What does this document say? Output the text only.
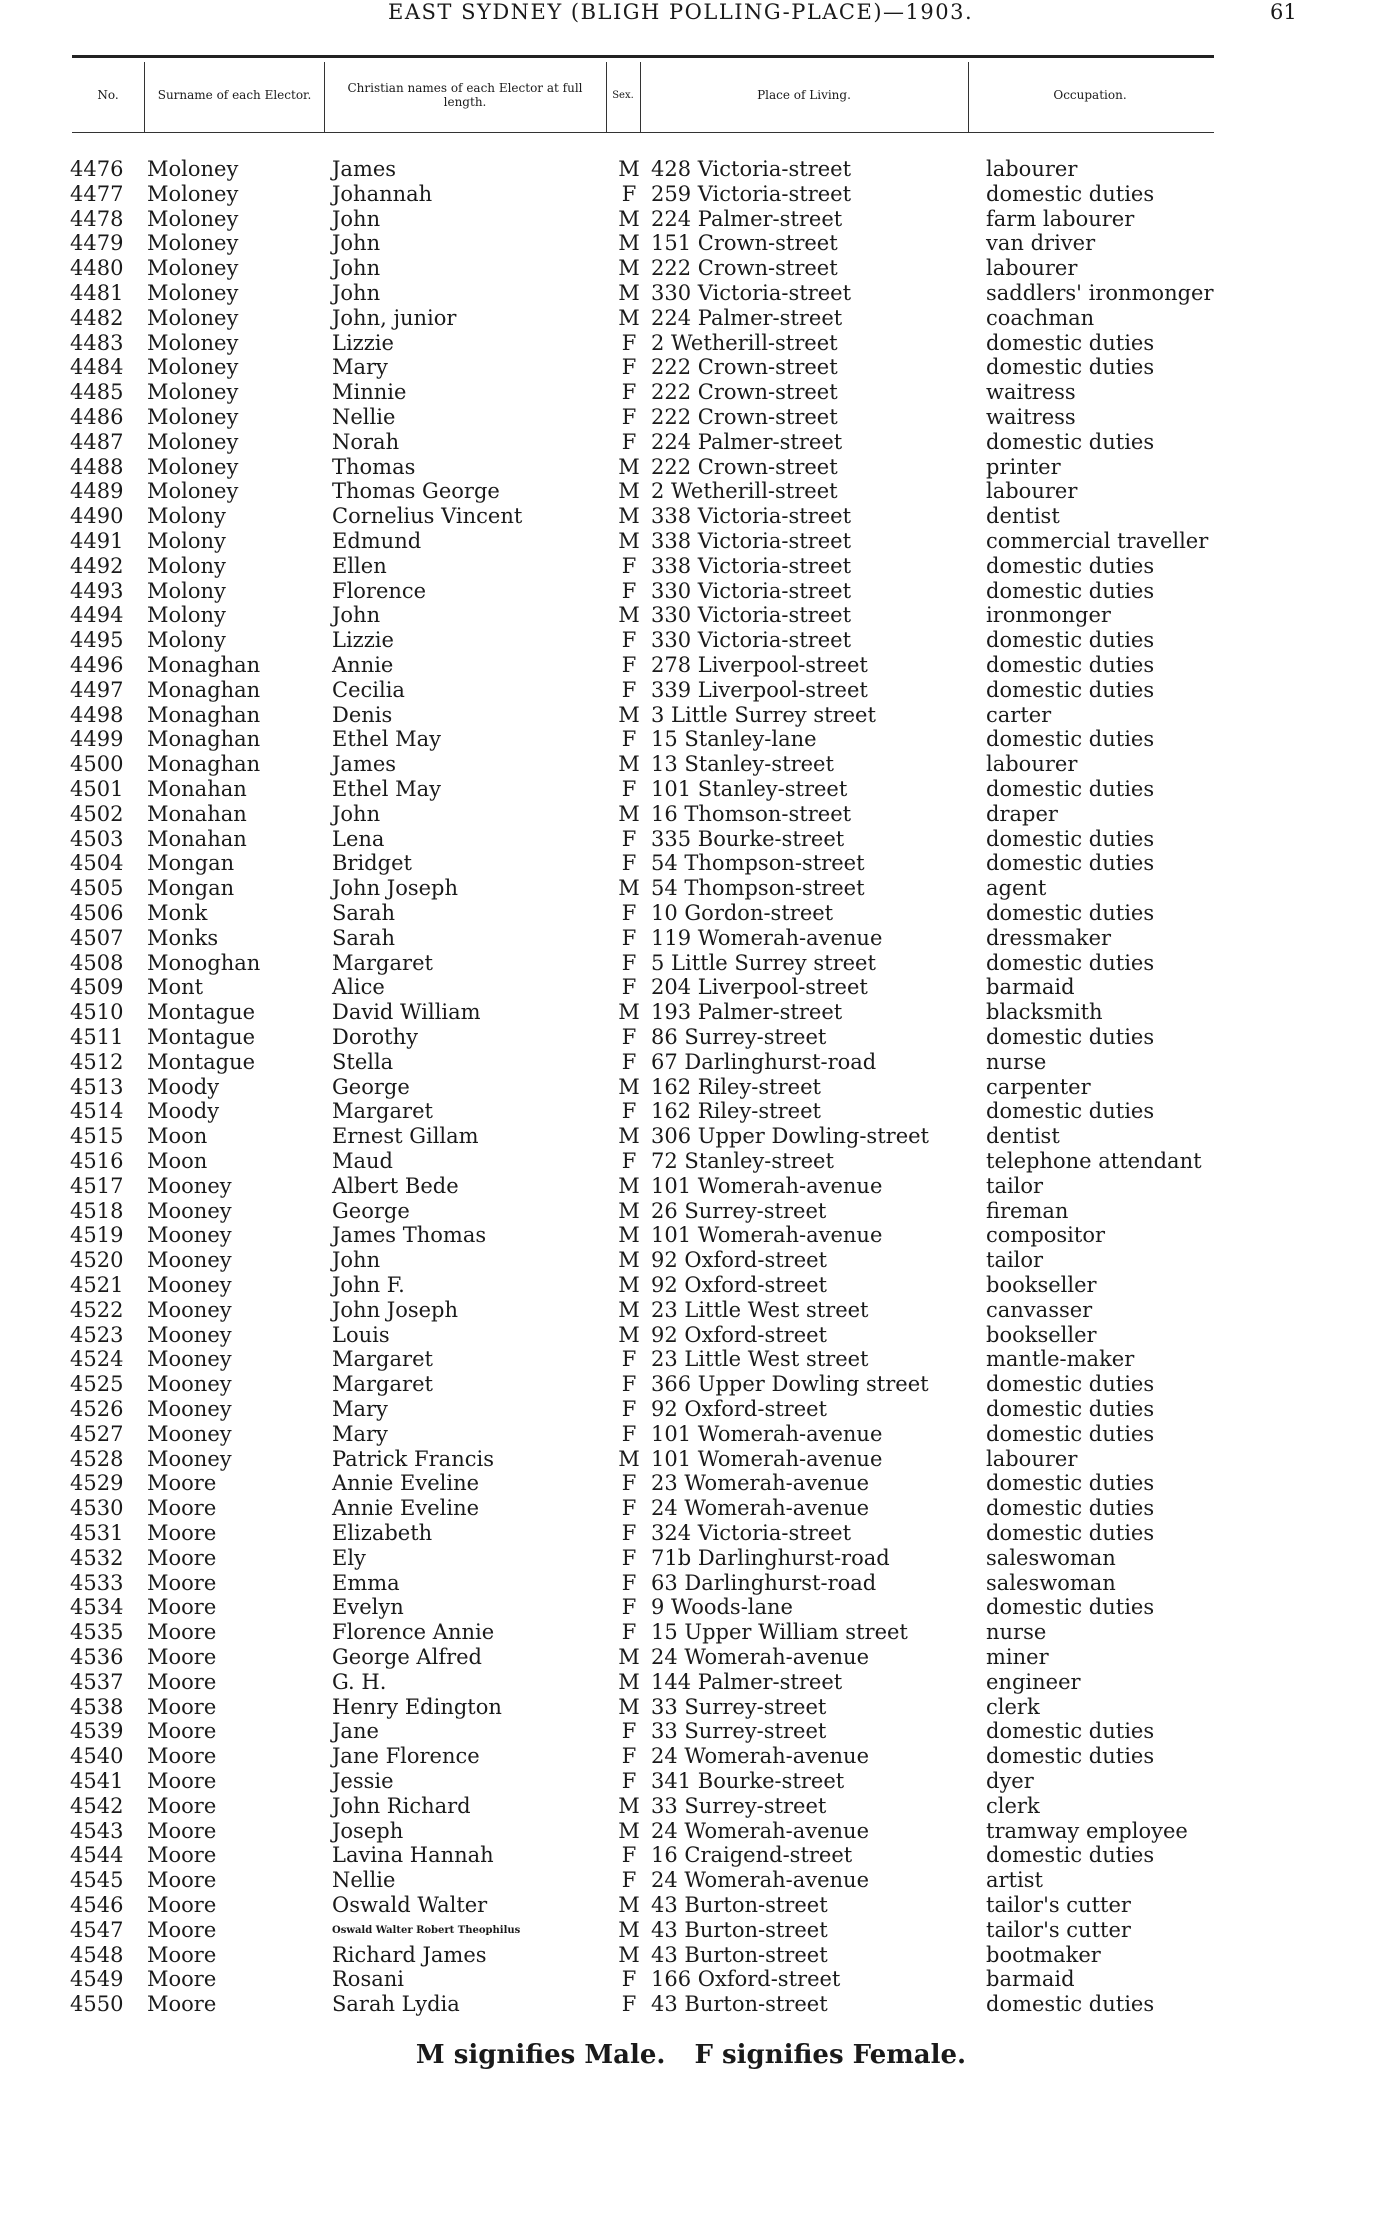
EAST SYDNEY (BLIGH POLLING-PLACE)—1903.	61
No.	Surname of each Elector.	Christian names of each Elector at full length.	Sex.	Place of Living.	Occupation.
4476 Moloney	James	M 428 Victoria-street	labourer
4477 Moloney	Johannah	F 259 Victoria-street	domestic duties
4478 Moloney	John	M 224 Palmer-street	farm labourer
4479 Moloney	John	M 151 Crown-street	van driver
4480 Moloney	John	M 222 Crown-street	labourer
4481 Moloney	John	M 330 Victoria-street	saddlers' ironmonger
4482 Moloney	John, junior	M 224 Palmer-street	coachman
4483 Moloney	Lizzie	F 2 Wetherill-street	domestic duties
4484 Moloney	Mary	F 222 Crown-street	domestic duties
4485 Moloney	Minnie	F 222 Crown-street	waitress
4486 Moloney	Nellie	F 222 Crown-street	waitress
4487 Moloney	Norah	F 224 Palmer-street	domestic duties
4488 Moloney	Thomas	M 222 Crown-street	printer
4489 Moloney	Thomas George	M 2 Wetherill-street	labourer
4490 Molony	Cornelius Vincent	M 338 Victoria-street	dentist
4491 Molony	Edmund	M 338 Victoria-street	commercial traveller
4492 Molony	Ellen	F 338 Victoria-street	domestic duties
4493 Molony	Florence	F 330 Victoria-street	domestic duties
4494 Molony	John	M 330 Victoria-street	ironmonger
4495 Molony	Lizzie	F 330 Victoria-street	domestic duties
4496 Monaghan	Annie	F 278 Liverpool-street	domestic duties
4497 Monaghan	Cecilia	F 339 Liverpool-street	domestic duties
4498 Monaghan	Denis	M 3 Little Surrey street	carter
4499 Monaghan	Ethel May	F 15 Stanley-lane	domestic duties
4500 Monaghan	James	M 13 Stanley-street	labourer
4501 Monahan	Ethel May	F 101 Stanley-street	domestic duties
4502 Monahan	John	M 16 Thomson-street	draper
4503 Monahan	Lena	F 335 Bourke-street	domestic duties
4504 Mongan	Bridget	F 54 Thompson-street	domestic duties
4505 Mongan	John Joseph	M 54 Thompson-street	agent
4506 Monk	Sarah	F 10 Gordon-street	domestic duties
4507 Monks	Sarah	F 119 Womerah-avenue	dressmaker
4508 Monoghan	Margaret	F 5 Little Surrey street	domestic duties
4509 Mont	Alice	F 204 Liverpool-street	barmaid
4510 Montague	David William	M 193 Palmer-street	blacksmith
4511 Montague	Dorothy	F 86 Surrey-street	domestic duties
4512 Montague	Stella	F 67 Darlinghurst-road	nurse
4513 Moody	George	M 162 Riley-street	carpenter
4514 Moody	Margaret	F 162 Riley-street	domestic duties
4515 Moon	Ernest Gillam	M 306 Upper Dowling-street	dentist
4516 Moon	Maud	F 72 Stanley-street	telephone attendant
4517 Mooney	Albert Bede	M 101 Womerah-avenue	tailor
4518 Mooney	George	M 26 Surrey-street	fireman
4519 Mooney	James Thomas	M 101 Womerah-avenue	compositor
4520 Mooney	John	M 92 Oxford-street	tailor
4521 Mooney	John F.	M 92 Oxford-street	bookseller
4522 Mooney	John Joseph	M 23 Little West street	canvasser
4523 Mooney	Louis	M 92 Oxford-street	bookseller
4524 Mooney	Margaret	F 23 Little West street	mantle-maker
4525 Mooney	Margaret	F 366 Upper Dowling street	domestic duties
4526 Mooney	Mary	F 92 Oxford-street	domestic duties
4527 Mooney	Mary	F 101 Womerah-avenue	domestic duties
4528 Mooney	Patrick Francis	M 101 Womerah-avenue	labourer
4529 Moore	Annie Eveline	F 23 Womerah-avenue	domestic duties
4530 Moore	Annie Eveline	F 24 Womerah-avenue	domestic duties
4531 Moore	Elizabeth	F 324 Victoria-street	domestic duties
4532 Moore	Ely	F 71b Darlinghurst-road	saleswoman
4533 Moore	Emma	F 63 Darlinghurst-road	saleswoman
4534 Moore	Evelyn	F 9 Woods-lane	domestic duties
4535 Moore	Florence Annie	F 15 Upper William street	nurse
4536 Moore	George Alfred	M 24 Womerah-avenue	miner
4537 Moore	G. H.	M 144 Palmer-street	engineer
4538 Moore	Henry Edington	M 33 Surrey-street	clerk
4539 Moore	Jane	F 33 Surrey-street	domestic duties
4540 Moore	Jane Florence	F 24 Womerah-avenue	domestic duties
4541 Moore	Jessie	F 341 Bourke-street	dyer
4542 Moore	John Richard	M 33 Surrey-street	clerk
4543 Moore	Joseph	M 24 Womerah-avenue	tramway employee
4544 Moore	Lavina Hannah	F 16 Craigend-street	domestic duties
4545 Moore	Nellie	F 24 Womerah-avenue	artist
4546 Moore	Oswald Walter	M 43 Burton-street	tailor's cutter
4547 Moore	Oswald Walter Robert Theophilus	M 43 Burton-street	tailor's cutter
4548 Moore	Richard James	M 43 Burton-street	bootmaker
4549 Moore	Rosani	F 166 Oxford-street	barmaid
4550 Moore	Sarah Lydia	F 43 Burton-street	domestic duties
M signifies Male. F signifies Female.
